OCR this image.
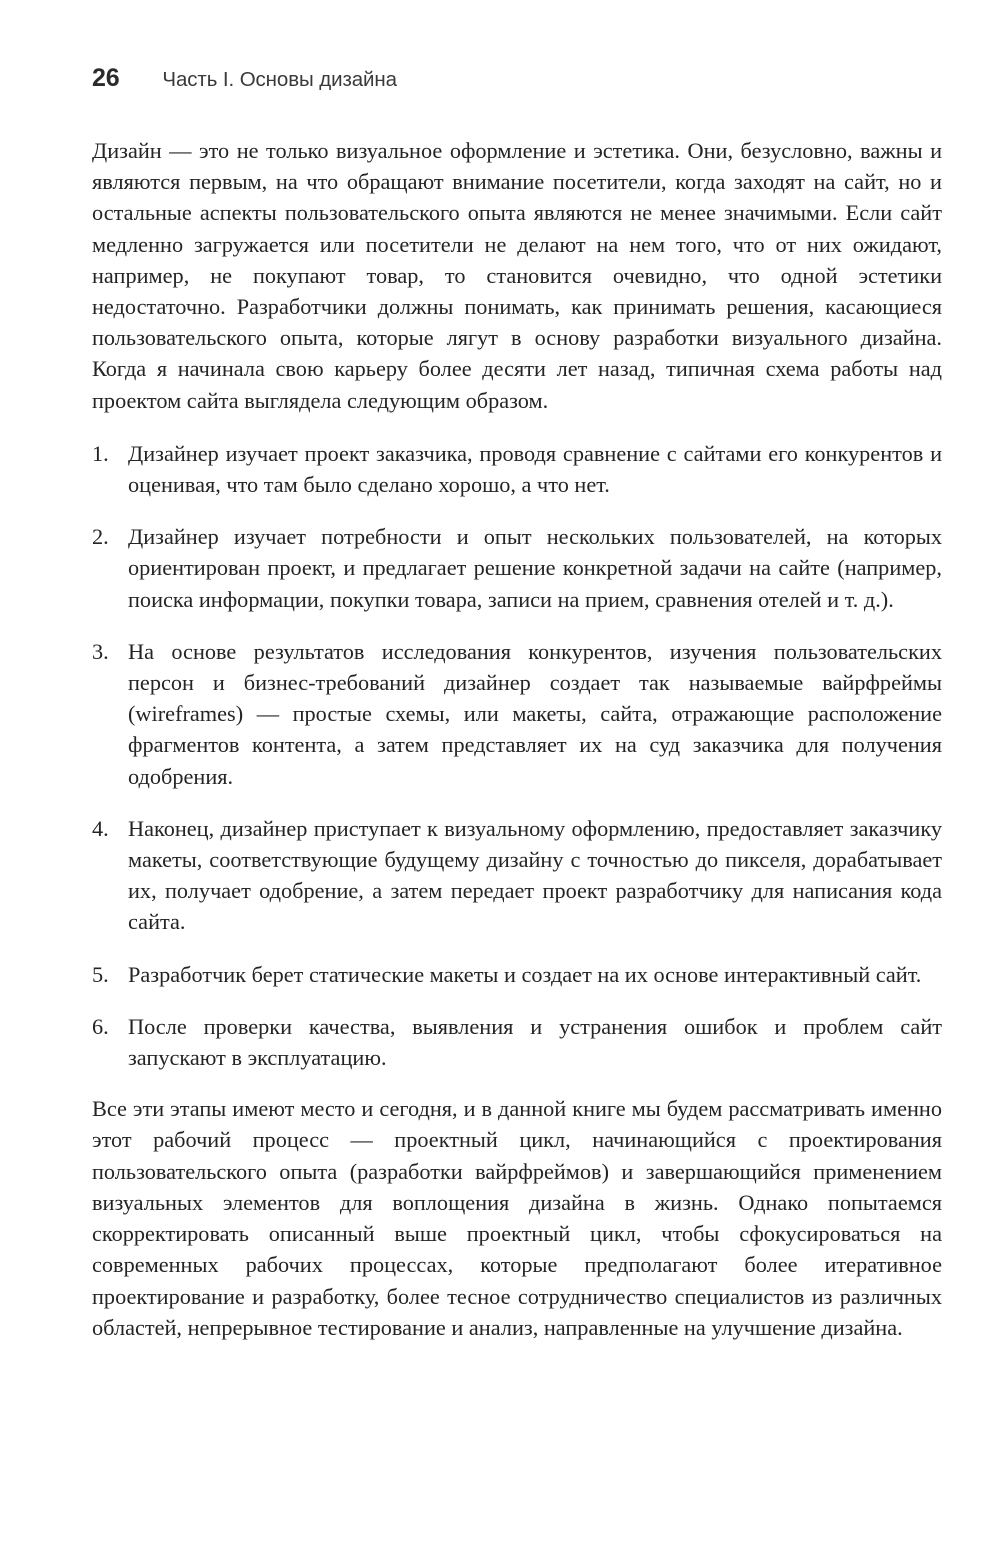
26 Часть I. Основы дизайна

Дизайн — это не только визуальное оформление и эстетика. Они, безусловно, важны и являются первым, на что обращают внимание посетители, когда заходят на сайт, но и остальные аспекты пользовательского опыта являются не менее значимыми. Если сайт медленно загружается или посетители не делают на нем того, что от них ожидают, например, не покупают товар, то становится очевидно, что одной эстетики недостаточно. Разработчики должны понимать, как принимать решения, касающиеся пользовательского опыта, которые лягут в основу разработки визуального дизайна. Когда я начинала свою карьеру более десяти лет назад, типичная схема работы над проектом сайта выглядела следующим образом.

1. Дизайнер изучает проект заказчика, проводя сравнение с сайтами его конкурентов и оценивая, что там было сделано хорошо, а что нет.
2. Дизайнер изучает потребности и опыт нескольких пользователей, на которых ориентирован проект, и предлагает решение конкретной задачи на сайте (например, поиска информации, покупки товара, записи на прием, сравнения отелей и т. д.).
3. На основе результатов исследования конкурентов, изучения пользовательских персон и бизнес-требований дизайнер создает так называемые вайрфреймы (wireframes) — простые схемы, или макеты, сайта, отражающие расположение фрагментов контента, а затем представляет их на суд заказчика для получения одобрения.
4. Наконец, дизайнер приступает к визуальному оформлению, предоставляет заказчику макеты, соответствующие будущему дизайну с точностью до пикселя, дорабатывает их, получает одобрение, а затем передает проект разработчику для написания кода сайта.
5. Разработчик берет статические макеты и создает на их основе интерактивный сайт.
6. После проверки качества, выявления и устранения ошибок и проблем сайт запускают в эксплуатацию.

Все эти этапы имеют место и сегодня, и в данной книге мы будем рассматривать именно этот рабочий процесс — проектный цикл, начинающийся с проектирования пользовательского опыта (разработки вайрфреймов) и завершающийся применением визуальных элементов для воплощения дизайна в жизнь. Однако попытаемся скорректировать описанный выше проектный цикл, чтобы сфокусироваться на современных рабочих процессах, которые предполагают более итеративное проектирование и разработку, более тесное сотрудничество специалистов из различных областей, непрерывное тестирование и анализ, направленные на улучшение дизайна.
